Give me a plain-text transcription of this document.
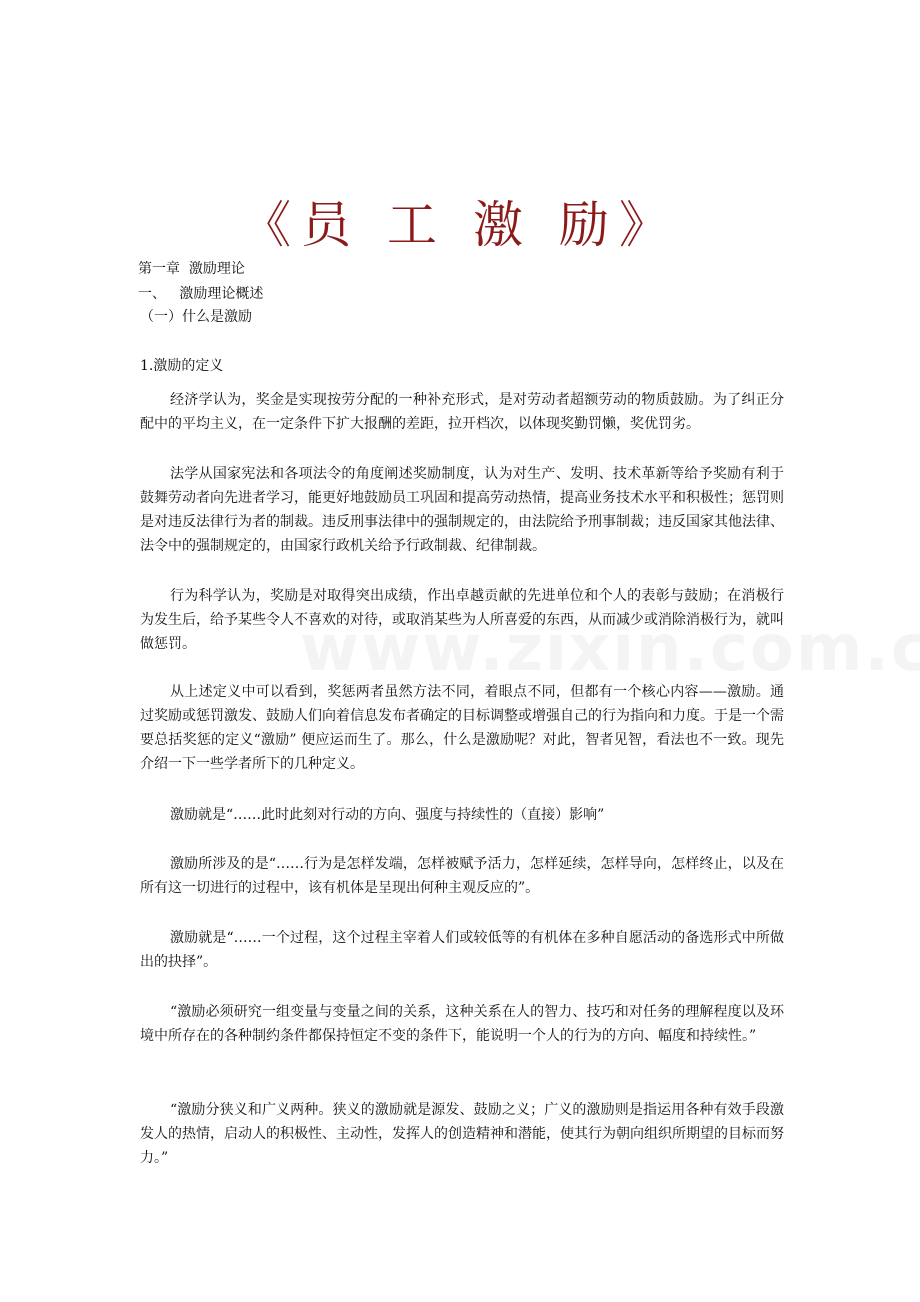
《员 工 激 励》
第一章  激励理论
一、   激励理论概述
（一）什么是激励
1.激励的定义

经济学认为，奖金是实现按劳分配的一种补充形式，是对劳动者超额劳动的物质鼓励。为了纠正分配中的平均主义，在一定条件下扩大报酬的差距，拉开档次，以体现奖勤罚懒，奖优罚劣。

法学从国家宪法和各项法令的角度阐述奖励制度，认为对生产、发明、技术革新等给予奖励有利于鼓舞劳动者向先进者学习，能更好地鼓励员工巩固和提高劳动热情，提高业务技术水平和积极性；惩罚则是对违反法律行为者的制裁。违反刑事法律中的强制规定的，由法院给予刑事制裁；违反国家其他法律、法令中的强制规定的，由国家行政机关给予行政制裁、纪律制裁。

行为科学认为，奖励是对取得突出成绩，作出卓越贡献的先进单位和个人的表彰与鼓励；在消极行为发生后，给予某些令人不喜欢的对待，或取消某些为人所喜爱的东西，从而减少或消除消极行为，就叫做惩罚。

从上述定义中可以看到，奖惩两者虽然方法不同，着眼点不同，但都有一个核心内容——激励。通过奖励或惩罚激发、鼓励人们向着信息发布者确定的目标调整或增强自己的行为指向和力度。于是一个需要总括奖惩的定义“激励” 便应运而生了。那么，什么是激励呢？对此，智者见智，看法也不一致。现先介绍一下一些学者所下的几种定义。

激励就是“……此时此刻对行动的方向、强度与持续性的（直接）影响”

激励所涉及的是“……行为是怎样发端，怎样被赋予活力，怎样延续，怎样导向，怎样终止，以及在所有这一切进行的过程中，该有机体是呈现出何种主观反应的”。

激励就是“……一个过程，这个过程主宰着人们或较低等的有机体在多种自愿活动的备选形式中所做出的抉择”。

“激励必须研究一组变量与变量之间的关系，这种关系在人的智力、技巧和对任务的理解程度以及环境中所存在的各种制约条件都保持恒定不变的条件下，能说明一个人的行为的方向、幅度和持续性。”

“激励分狭义和广义两种。狭义的激励就是源发、鼓励之义；广义的激励则是指运用各种有效手段激发人的热情，启动人的积极性、主动性，发挥人的创造精神和潜能，使其行为朝向组织所期望的目标而努力。”
